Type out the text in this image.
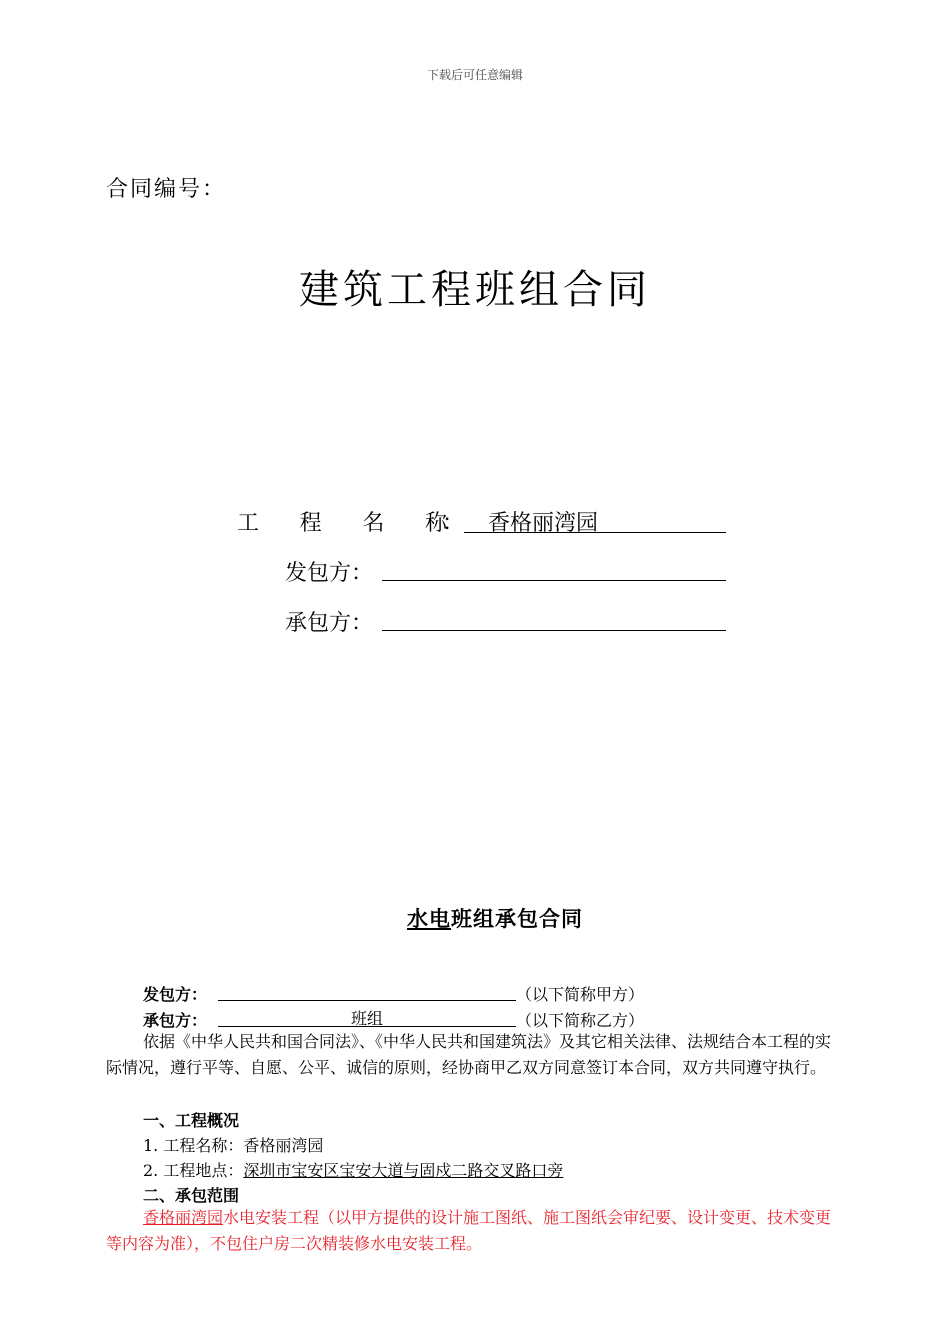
下载后可任意编辑
合同编号：
建筑工程班组合同
工 程 名 称
： 香格丽湾园
发包方：
承包方：
水电班组承包合同
发包方：	（以下简称甲方）
承包方：	班组	（以下简称乙方）
依据《中华人民共和国合同法》、《中华人民共和国建筑法》及其它相关法律、法规结合本工程的实际情况，遵行平等、自愿、公平、诚信的原则，经协商甲乙双方同意签订本合同，双方共同遵守执行。
一、工程概况
1. 工程名称：香格丽湾园
2. 工程地点：深圳市宝安区宝安大道与固戍二路交叉路口旁
二、承包范围
香格丽湾园水电安装工程（以甲方提供的设计施工图纸、施工图纸会审纪要、设计变更、技术变更等内容为准），不包住户房二次精装修水电安装工程。
